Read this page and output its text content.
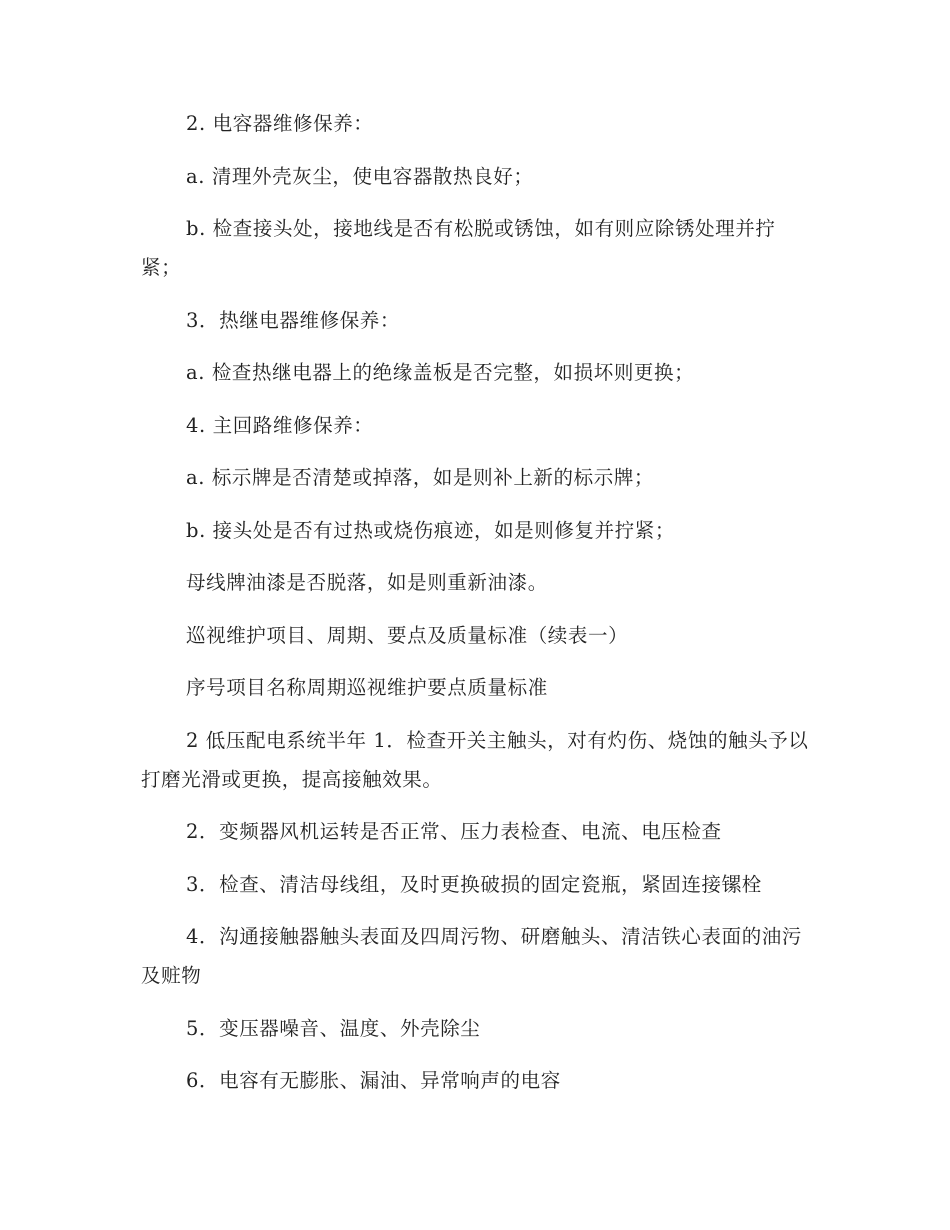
2. 电容器维修保养：

a. 清理外壳灰尘，使电容器散热良好；

b. 检查接头处，接地线是否有松脱或锈蚀，如有则应除锈处理并拧紧；

3．热继电器维修保养：

a. 检查热继电器上的绝缘盖板是否完整，如损坏则更换；

4. 主回路维修保养：

a. 标示牌是否清楚或掉落，如是则补上新的标示牌；

b. 接头处是否有过热或烧伤痕迹，如是则修复并拧紧；

母线牌油漆是否脱落，如是则重新油漆。

巡视维护项目、周期、要点及质量标准（续表一）

序号项目名称周期巡视维护要点质量标准

2 低压配电系统半年 1．检查开关主触头，对有灼伤、烧蚀的触头予以打磨光滑或更换，提高接触效果。

2．变频器风机运转是否正常、压力表检查、电流、电压检查

3．检查、清洁母线组，及时更换破损的固定瓷瓶，紧固连接镙栓

4．沟通接触器触头表面及四周污物、研磨触头、清洁铁心表面的油污及赃物

5．变压器噪音、温度、外壳除尘

6．电容有无膨胀、漏油、异常响声的电容
